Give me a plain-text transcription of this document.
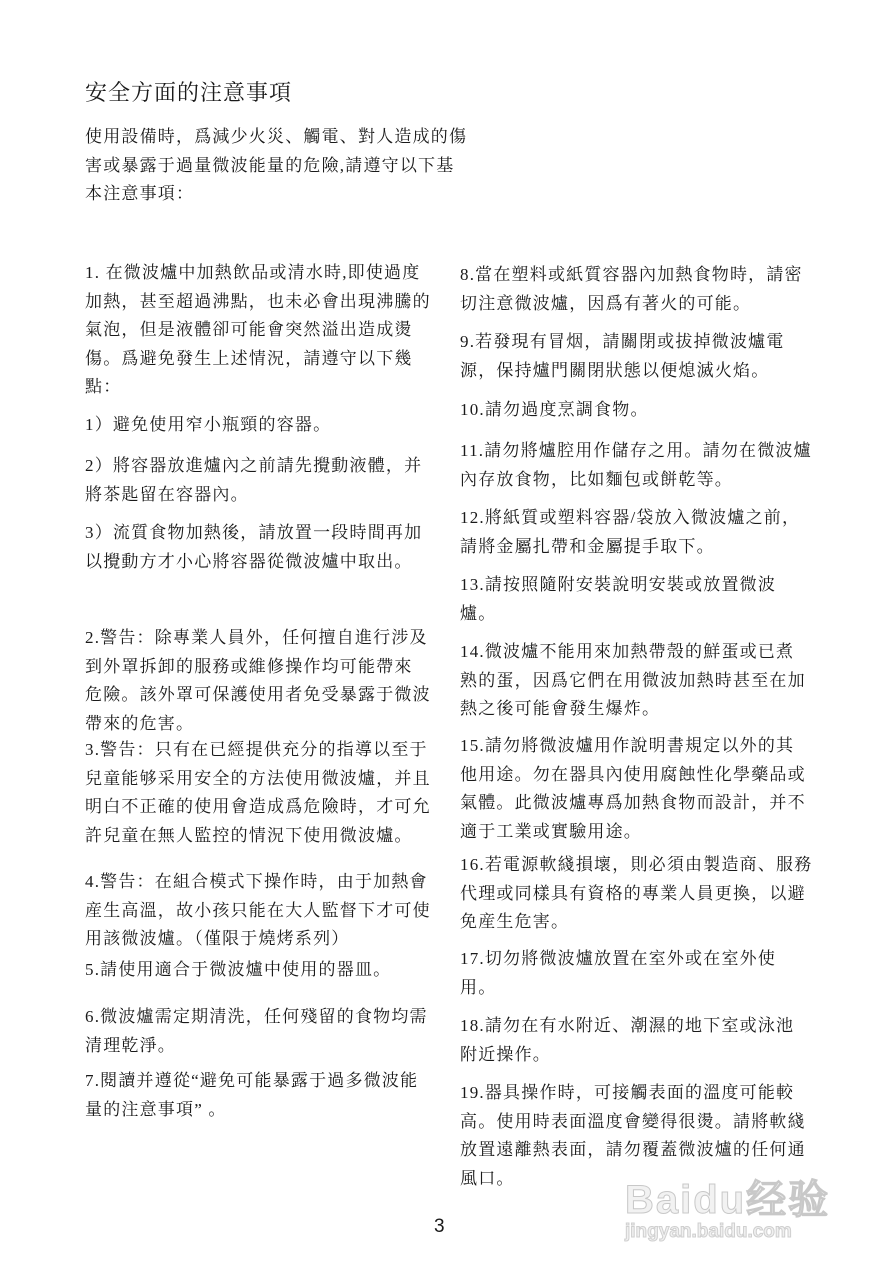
安全方面的注意事項
使用設備時，爲減少火災、觸電、對人造成的傷
害或暴露于過量微波能量的危險,請遵守以下基
本注意事項：
1. 在微波爐中加熱飲品或清水時,即使過度
加熱，甚至超過沸點，也未必會出現沸騰的
氣泡，但是液體卻可能會突然溢出造成燙
傷。爲避免發生上述情況，請遵守以下幾
點：
1）避免使用窄小瓶頸的容器。
2）將容器放進爐內之前請先攪動液體，并
將茶匙留在容器內。
3）流質食物加熱後，請放置一段時間再加
以攪動方才小心將容器從微波爐中取出。
2.警告：除專業人員外，任何擅自進行涉及
到外罩拆卸的服務或維修操作均可能帶來
危險。該外罩可保護使用者免受暴露于微波
帶來的危害。
3.警告：只有在已經提供充分的指導以至于
兒童能够采用安全的方法使用微波爐，并且
明白不正確的使用會造成爲危險時，才可允
許兒童在無人監控的情況下使用微波爐。
4.警告：在組合模式下操作時，由于加熱會
産生高溫，故小孩只能在大人監督下才可使
用該微波爐。（僅限于燒烤系列）
5.請使用適合于微波爐中使用的器皿。
6.微波爐需定期清洗，任何殘留的食物均需
清理乾淨。
7.閱讀并遵從“避免可能暴露于過多微波能
量的注意事項” 。
8.當在塑料或紙質容器內加熱食物時，請密
切注意微波爐，因爲有著火的可能。
9.若發現有冒烟，請關閉或拔掉微波爐電
源，保持爐門關閉狀態以便熄滅火焰。
10.請勿過度烹調食物。
11.請勿將爐腔用作儲存之用。請勿在微波爐
內存放食物，比如麵包或餅乾等。
12.將紙質或塑料容器/袋放入微波爐之前，
請將金屬扎帶和金屬提手取下。
13.請按照隨附安裝說明安裝或放置微波
爐。
14.微波爐不能用來加熱帶殼的鮮蛋或已煮
熟的蛋，因爲它們在用微波加熱時甚至在加
熱之後可能會發生爆炸。
15.請勿將微波爐用作說明書規定以外的其
他用途。勿在器具內使用腐蝕性化學藥品或
氣體。此微波爐專爲加熱食物而設計，并不
適于工業或實驗用途。
16.若電源軟綫損壞，則必須由製造商、服務
代理或同樣具有資格的專業人員更換，以避
免産生危害。
17.切勿將微波爐放置在室外或在室外使
用。
18.請勿在有水附近、潮濕的地下室或泳池
附近操作。
19.器具操作時，可接觸表面的溫度可能較
高。使用時表面溫度會變得很燙。請將軟綫
放置遠離熱表面，請勿覆蓋微波爐的任何通
風口。
3
Baidu经验
jingyan.baidu.com
